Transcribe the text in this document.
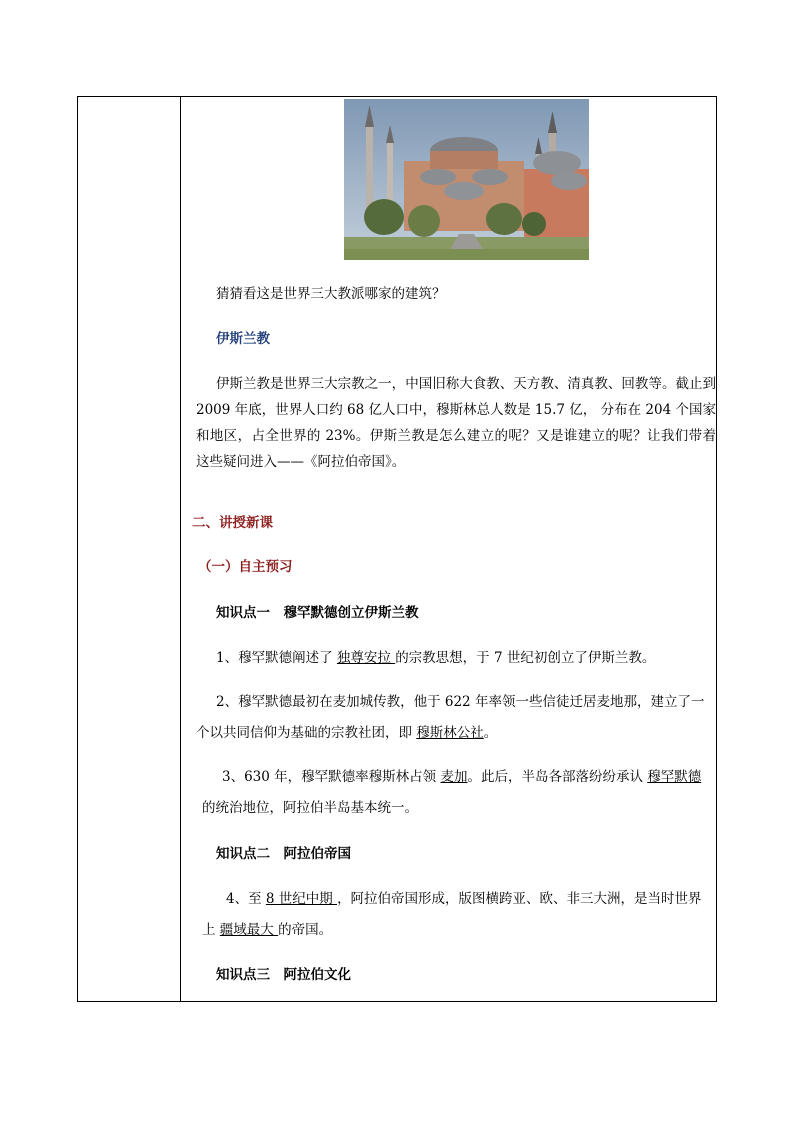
猜猜看这是世界三大教派哪家的建筑？
伊斯兰教
伊斯兰教是世界三大宗教之一，中国旧称大食教、天方教、清真教、回教等。截止到 2009 年底，世界人口约 68 亿人口中，穆斯林总人数是 15.7 亿， 分布在 204 个国家和地区，占全世界的 23%。伊斯兰教是怎么建立的呢？又是谁建立的呢？让我们带着这些疑问进入——《阿拉伯帝国》。
二、讲授新课
（一）自主预习
知识点一　穆罕默德创立伊斯兰教
1、穆罕默德阐述了 独尊安拉 的宗教思想，于 7 世纪初创立了伊斯兰教。
2、穆罕默德最初在麦加城传教，他于 622 年率领一些信徒迁居麦地那，建立了一
个以共同信仰为基础的宗教社团，即 穆斯林公社。
3、630 年，穆罕默德率穆斯林占领 麦加。此后，半岛各部落纷纷承认 穆罕默德
的统治地位，阿拉伯半岛基本统一。
知识点二　阿拉伯帝国
4、至 8 世纪中期 ，阿拉伯帝国形成，版图横跨亚、欧、非三大洲，是当时世界
上 疆域最大 的帝国。
知识点三　阿拉伯文化
